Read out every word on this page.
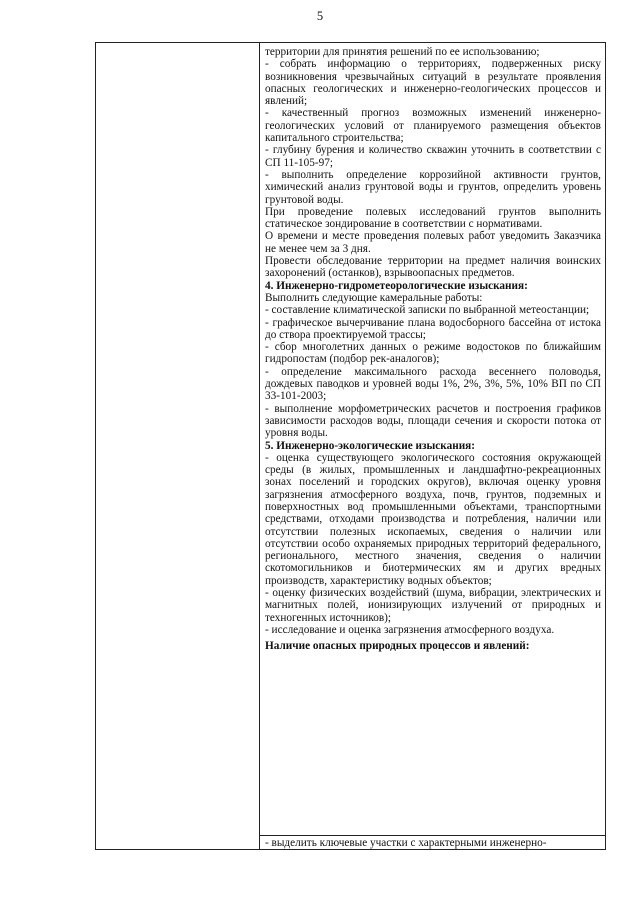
5

территории для принятия решений по ее использованию;

- собрать информацию о территориях, подверженных риску возникновения чрезвычайных ситуаций в результате проявления опасных геологических и инженерно-геологических процессов и явлений;

- качественный прогноз возможных изменений инженерно-геологических условий от планируемого размещения объектов капитального строительства;

- глубину бурения и количество скважин уточнить в соответствии с СП 11-105-97;

- выполнить определение коррозийной активности грунтов, химический анализ грунтовой воды и грунтов, определить уровень грунтовой воды.

При проведение полевых исследований грунтов выполнить статическое зондирование в соответствии с нормативами.

О времени и месте проведения полевых работ уведомить Заказчика не менее чем за 3 дня.

Провести обследование территории на предмет наличия воинских захоронений (останков), взрывоопасных предметов.

4. Инженерно-гидрометеорологические изыскания:

Выполнить следующие камеральные работы:

- составление климатической записки по выбранной метеостанции;

- графическое вычерчивание плана водосборного бассейна от истока до створа проектируемой трассы;

- сбор многолетних данных о режиме водостоков по ближайшим гидропостам (подбор рек-аналогов);

- определение максимального расхода весеннего половодья, дождевых паводков и уровней воды 1%, 2%, 3%, 5%, 10% ВП по СП 33-101-2003;

- выполнение морфометрических расчетов и построения графиков зависимости расходов воды, площади сечения и скорости потока от уровня воды.

5. Инженерно-экологические изыскания:

- оценка существующего экологического состояния окружающей среды (в жилых, промышленных и ландшафтно-рекреационных зонах поселений и городских округов), включая оценку уровня загрязнения атмосферного воздуха, почв, грунтов, подземных и поверхностных вод промышленными объектами, транспортными средствами, отходами производства и потребления, наличии или отсутствии полезных ископаемых, сведения о наличии или отсутствии особо охраняемых природных территорий федерального, регионального, местного значения, сведения о наличии скотомогильников и биотермических ям и других вредных производств, характеристику водных объектов;

- оценку физических воздействий (шума, вибрации, электрических и магнитных полей, ионизирующих излучений от природных и техногенных источников);

- исследование и оценка загрязнения атмосферного воздуха.

Наличие опасных природных процессов и явлений:

- выделить ключевые участки с характерными инженерно-
